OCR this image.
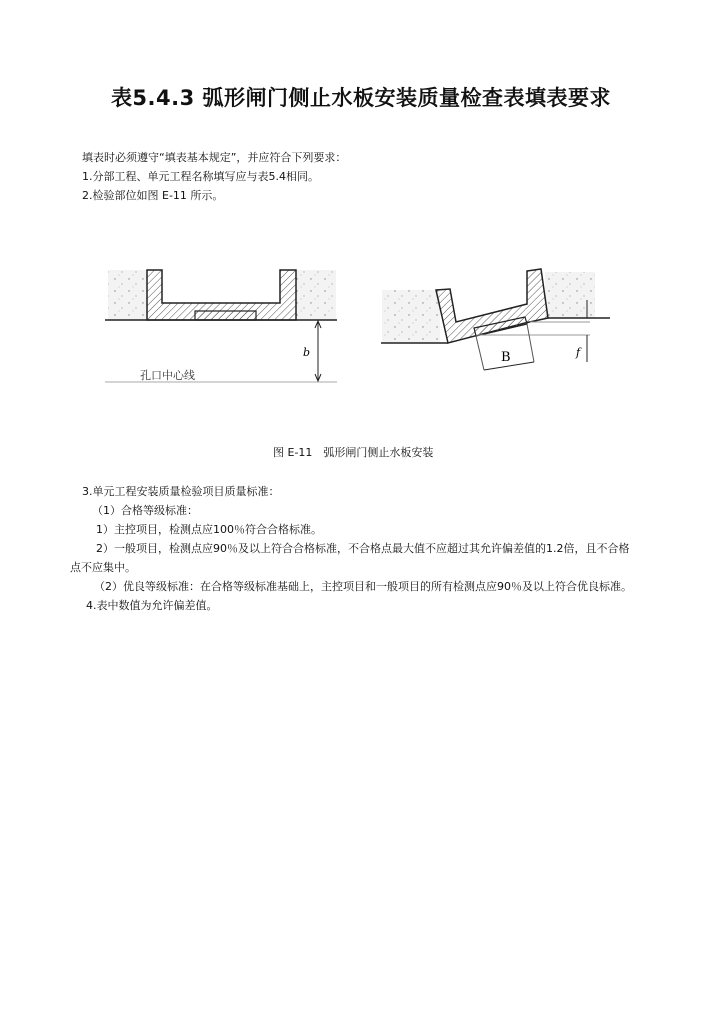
表5.4.3 弧形闸门侧止水板安装质量检查表填表要求
填表时必须遵守“填表基本规定”，并应符合下列要求：
1.分部工程、单元工程名称填写应与表5.4相同。
2.检验部位如图 E-11 所示。
b
孔口中心线
B	f
图 E-11　弧形闸门侧止水板安装
3.单元工程安装质量检验项目质量标准：
（1）合格等级标准：
1）主控项目，检测点应100％符合合格标准。
2）一般项目，检测点应90％及以上符合合格标准，不合格点最大值不应超过其允许偏差值的1.2倍，且不合格
点不应集中。
（2）优良等级标准：在合格等级标准基础上，主控项目和一般项目的所有检测点应90％及以上符合优良标准。
4.表中数值为允许偏差值。
